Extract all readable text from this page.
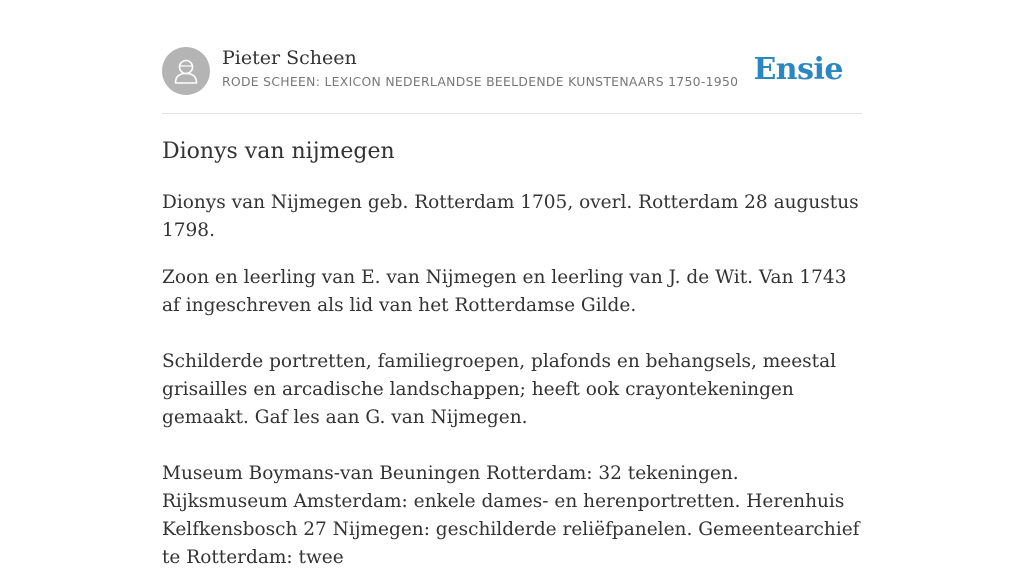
Pieter Scheen
RODE SCHEEN: LEXICON NEDERLANDSE BEELDENDE KUNSTENAARS 1750-1950 Ensie
Dionys van nijmegen

Dionys van Nijmegen geb. Rotterdam 1705, overl. Rotterdam 28 augustus 1798.

Zoon en leerling van E. van Nijmegen en leerling van J. de Wit. Van 1743 af ingeschreven als lid van het Rotterdamse Gilde.

Schilderde portretten, familiegroepen, plafonds en behangsels, meestal grisailles en arcadische landschappen; heeft ook crayontekeningen gemaakt. Gaf les aan G. van Nijmegen.

Museum Boymans-van Beuningen Rotterdam: 32 tekeningen. Rijksmuseum Amsterdam: enkele dames- en herenportretten. Herenhuis Kelfkensbosch 27 Nijmegen: geschilderde reliëfpanelen. Gemeentearchief te Rotterdam: twee
